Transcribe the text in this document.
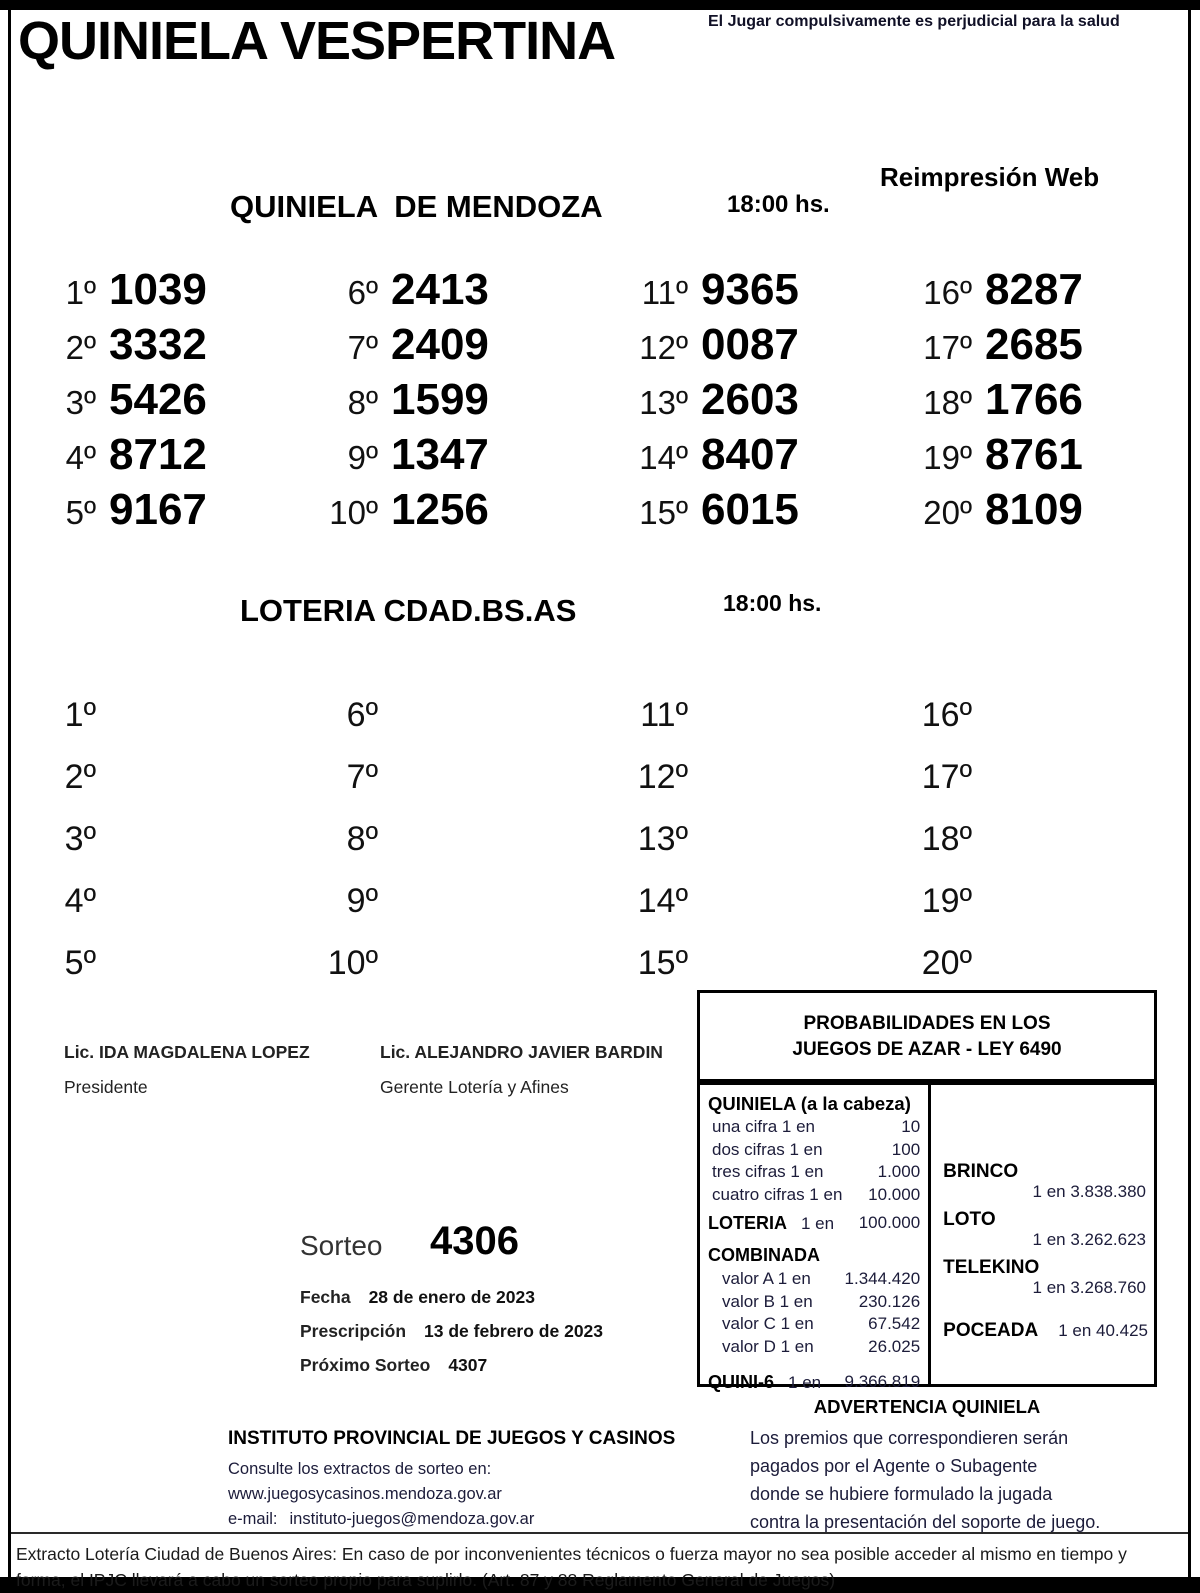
QUINIELA VESPERTINA	El Jugar compulsivamente es perjudicial para la salud
Reimpresión Web
QUINIELA  DE MENDOZA	18:00 hs.
1º 1039	6º 2413	11º 9365	16º 8287
2º 3332	7º 2409	12º 0087	17º 2685
3º 5426	8º 1599	13º 2603	18º 1766
4º 8712	9º 1347	14º 8407	19º 8761
5º 9167	10º 1256	15º 6015	20º 8109
LOTERIA CDAD.BS.AS	18:00 hs.
1º	6º	11º	16º
2º	7º	12º	17º
3º	8º	13º	18º
4º	9º	14º	19º
5º	10º	15º	20º
Lic. IDA MAGDALENA LOPEZ
Presidente
Lic. ALEJANDRO JAVIER BARDIN
Gerente Lotería y Afines
Sorteo 4306
Fecha 28 de enero de 2023
Prescripción 13 de febrero de 2023
Próximo Sorteo 4307
PROBABILIDADES EN LOS
JUEGOS DE AZAR - LEY 6490
QUINIELA (a la cabeza)
una cifra 1 en	10
dos cifras 1 en	100
tres cifras 1 en	1.000
cuatro cifras 1 en 10.000
LOTERIA 1 en 100.000
COMBINADA
valor A 1 en 1.344.420
valor B 1 en	230.126
valor C 1 en	67.542
valor D 1 en	26.025
QUINI-6 1 en 9.366.819
BRINCO
1 en 3.838.380
LOTO
1 en 3.262.623
TELEKINO
1 en 3.268.760
POCEADA 1 en 40.425
ADVERTENCIA QUINIELA
Los premios que correspondieren serán
pagados por el Agente o Subagente
donde se hubiere formulado la jugada
contra la presentación del soporte de juego.
INSTITUTO PROVINCIAL DE JUEGOS Y CASINOS
Consulte los extractos de sorteo en:
www.juegosycasinos.mendoza.gov.ar
e-mail: instituto-juegos@mendoza.gov.ar
Extracto Lotería Ciudad de Buenos Aires: En caso de por inconvenientes técnicos o fuerza mayor no sea posible acceder al mismo en tiempo y
forma, el IPJC llevará a cabo un sorteo propio para suplirlo. (Art. 87 y 88 Reglamento General de Juegos)
